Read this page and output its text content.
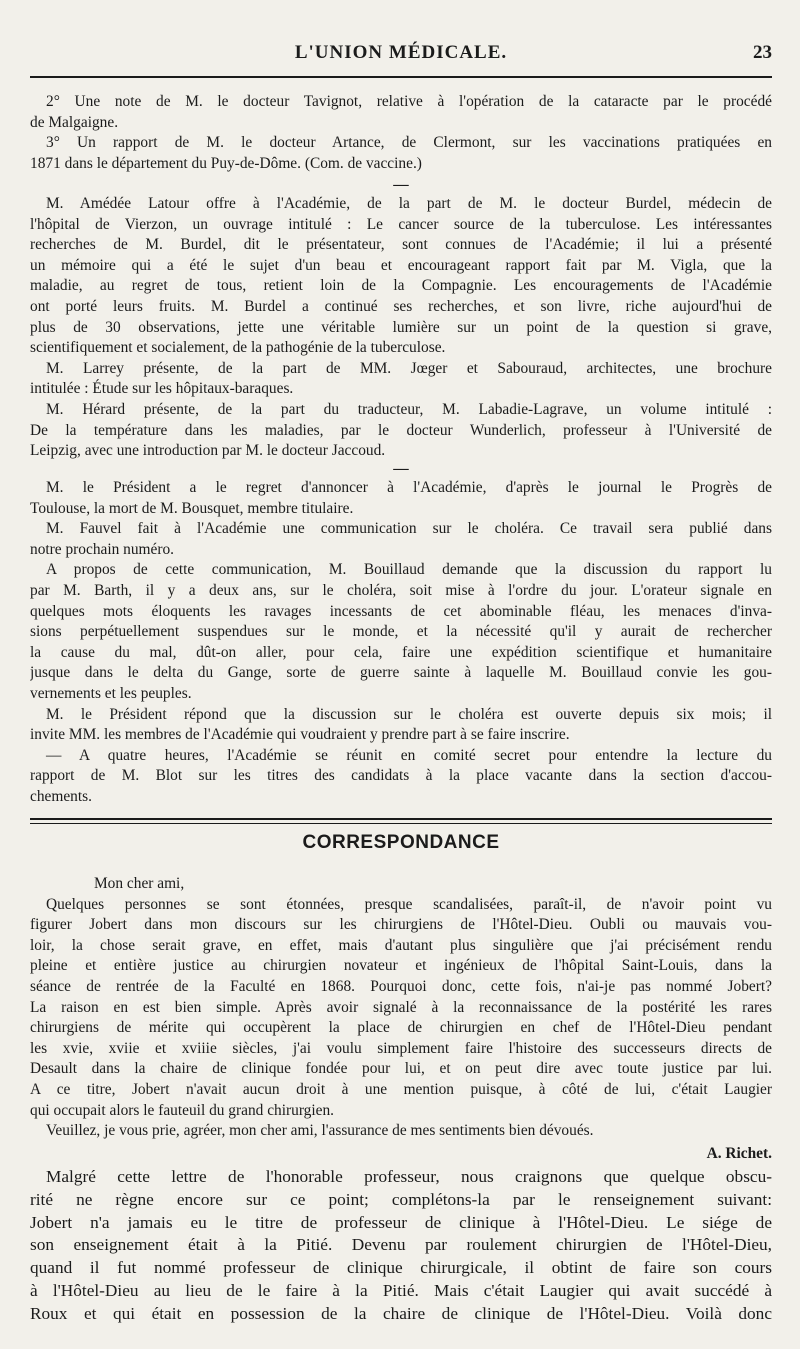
L'UNION MÉDICALE.	23
2° Une note de M. le docteur Tavignot, relative à l'opération de la cataracte par le procédé
de Malgaigne.
3° Un rapport de M. le docteur Artance, de Clermont, sur les vaccinations pratiquées en
1871 dans le département du Puy-de-Dôme. (Com. de vaccine.)
—
M. Amédée Latour offre à l'Académie, de la part de M. le docteur Burdel, médecin de
l'hôpital de Vierzon, un ouvrage intitulé : Le cancer source de la tuberculose. Les intéressantes
recherches de M. Burdel, dit le présentateur, sont connues de l'Académie; il lui a présenté
un mémoire qui a été le sujet d'un beau et encourageant rapport fait par M. Vigla, que la
maladie, au regret de tous, retient loin de la Compagnie. Les encouragements de l'Académie
ont porté leurs fruits. M. Burdel a continué ses recherches, et son livre, riche aujourd'hui de
plus de 30 observations, jette une véritable lumière sur un point de la question si grave,
scientifiquement et socialement, de la pathogénie de la tuberculose.
M. Larrey présente, de la part de MM. Jœger et Sabouraud, architectes, une brochure
intitulée : Étude sur les hôpitaux-baraques.
M. Hérard présente, de la part du traducteur, M. Labadie-Lagrave, un volume intitulé :
De la température dans les maladies, par le docteur Wunderlich, professeur à l'Université de
Leipzig, avec une introduction par M. le docteur Jaccoud.
—
M. le Président a le regret d'annoncer à l'Académie, d'après le journal le Progrès de
Toulouse, la mort de M. Bousquet, membre titulaire.
M. Fauvel fait à l'Académie une communication sur le choléra. Ce travail sera publié dans
notre prochain numéro.
A propos de cette communication, M. Bouillaud demande que la discussion du rapport lu
par M. Barth, il y a deux ans, sur le choléra, soit mise à l'ordre du jour. L'orateur signale en
quelques mots éloquents les ravages incessants de cet abominable fléau, les menaces d'inva-
sions perpétuellement suspendues sur le monde, et la nécessité qu'il y aurait de rechercher
la cause du mal, dût-on aller, pour cela, faire une expédition scientifique et humanitaire
jusque dans le delta du Gange, sorte de guerre sainte à laquelle M. Bouillaud convie les gou-
vernements et les peuples.
M. le Président répond que la discussion sur le choléra est ouverte depuis six mois; il
invite MM. les membres de l'Académie qui voudraient y prendre part à se faire inscrire.
— A quatre heures, l'Académie se réunit en comité secret pour entendre la lecture du
rapport de M. Blot sur les titres des candidats à la place vacante dans la section d'accou-
chements.
CORRESPONDANCE
Mon cher ami,
Quelques personnes se sont étonnées, presque scandalisées, paraît-il, de n'avoir point vu
figurer Jobert dans mon discours sur les chirurgiens de l'Hôtel-Dieu. Oubli ou mauvais vou-
loir, la chose serait grave, en effet, mais d'autant plus singulière que j'ai précisément rendu
pleine et entière justice au chirurgien novateur et ingénieux de l'hôpital Saint-Louis, dans la
séance de rentrée de la Faculté en 1868. Pourquoi donc, cette fois, n'ai-je pas nommé Jobert?
La raison en est bien simple. Après avoir signalé à la reconnaissance de la postérité les rares
chirurgiens de mérite qui occupèrent la place de chirurgien en chef de l'Hôtel-Dieu pendant
les xvie, xviie et xviiie siècles, j'ai voulu simplement faire l'histoire des successeurs directs de
Desault dans la chaire de clinique fondée pour lui, et on peut dire avec toute justice par lui.
A ce titre, Jobert n'avait aucun droit à une mention puisque, à côté de lui, c'était Laugier
qui occupait alors le fauteuil du grand chirurgien.
Veuillez, je vous prie, agréer, mon cher ami, l'assurance de mes sentiments bien dévoués.
A. Richet.
Malgré cette lettre de l'honorable professeur, nous craignons que quelque obscu-
rité ne règne encore sur ce point; complétons-la par le renseignement suivant:
Jobert n'a jamais eu le titre de professeur de clinique à l'Hôtel-Dieu. Le siége de
son enseignement était à la Pitié. Devenu par roulement chirurgien de l'Hôtel-Dieu,
quand il fut nommé professeur de clinique chirurgicale, il obtint de faire son cours
à l'Hôtel-Dieu au lieu de le faire à la Pitié. Mais c'était Laugier qui avait succédé à
Roux et qui était en possession de la chaire de clinique de l'Hôtel-Dieu. Voilà donc
